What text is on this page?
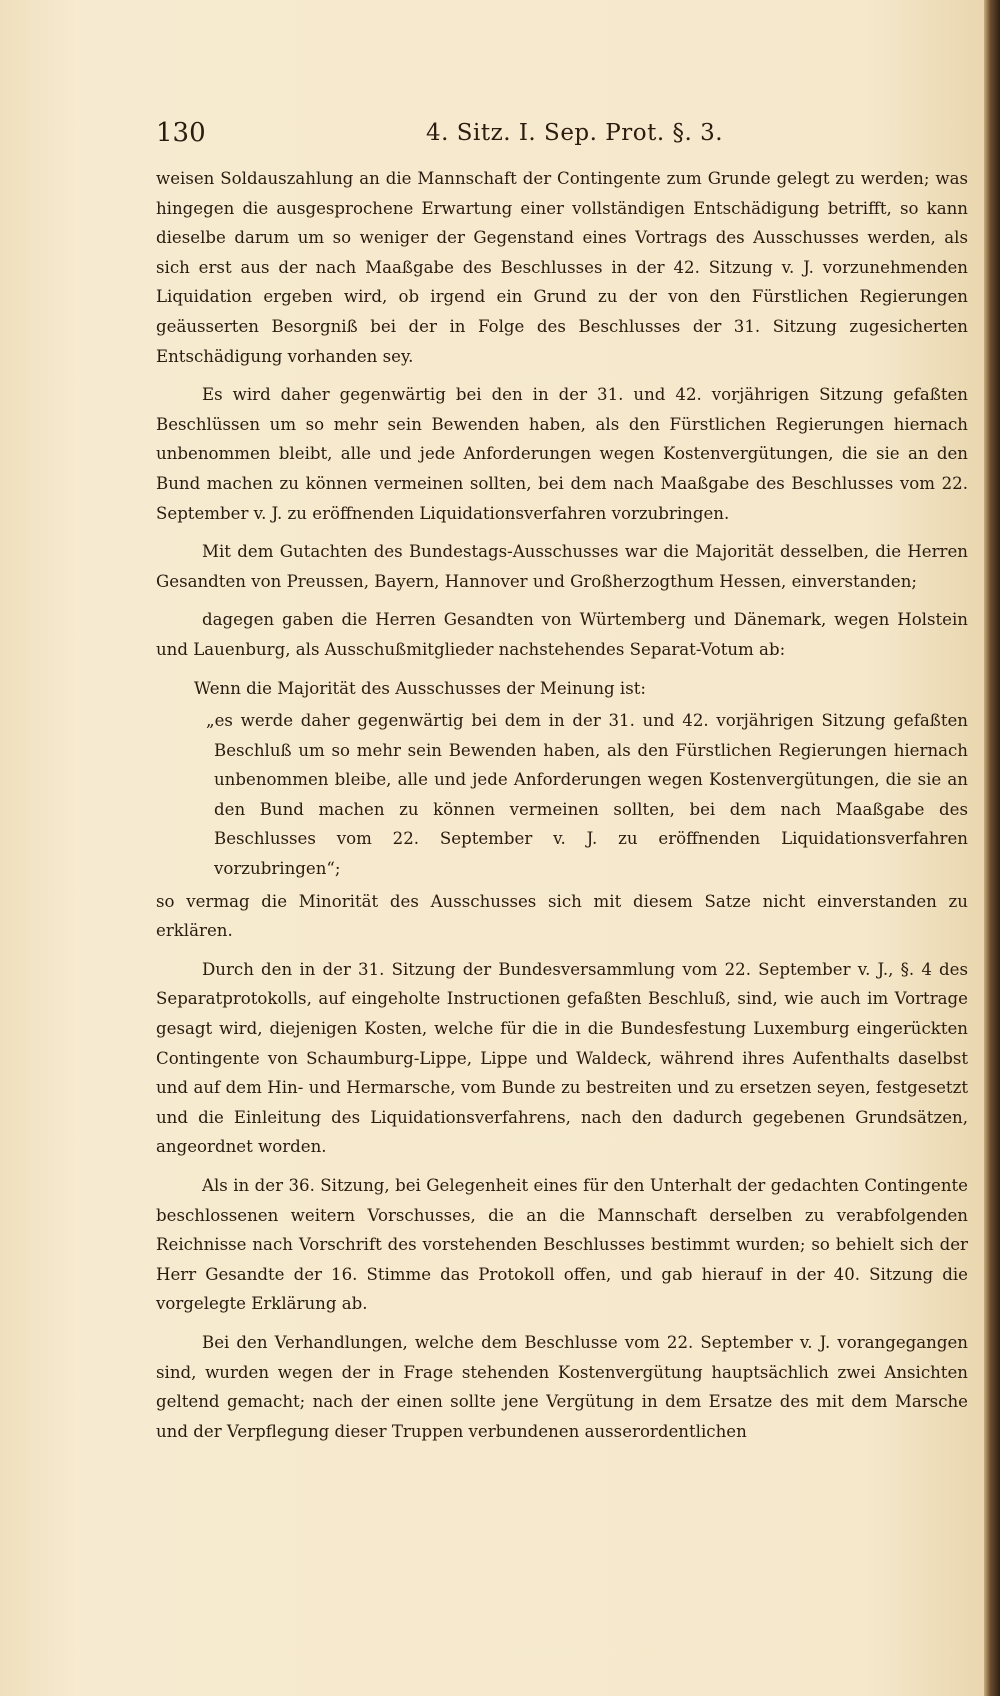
130	4. Sitz. I. Sep. Prot. §. 3.

weisen Soldauszahlung an die Mannschaft der Contingente zum Grunde gelegt zu werden; was hingegen die ausgesprochene Erwartung einer vollständigen Entschädigung betrifft, so kann dieselbe darum um so weniger der Gegenstand eines Vortrags des Ausschusses werden, als sich erst aus der nach Maaßgabe des Beschlusses in der 42. Sitzung v. J. vorzunehmenden Liquidation ergeben wird, ob irgend ein Grund zu der von den Fürstlichen Regierungen geäusserten Besorgniß bei der in Folge des Beschlusses der 31. Sitzung zugesicherten Entschädigung vorhanden sey.

Es wird daher gegenwärtig bei den in der 31. und 42. vorjährigen Sitzung gefaßten Beschlüssen um so mehr sein Bewenden haben, als den Fürstlichen Regierungen hiernach unbenommen bleibt, alle und jede Anforderungen wegen Kostenvergütungen, die sie an den Bund machen zu können vermeinen sollten, bei dem nach Maaßgabe des Beschlusses vom 22. September v. J. zu eröffnenden Liquidationsverfahren vorzubringen.

Mit dem Gutachten des Bundestags-Ausschusses war die Majorität desselben, die Herren Gesandten von Preussen, Bayern, Hannover und Großherzogthum Hessen, einverstanden;

dagegen gaben die Herren Gesandten von Würtemberg und Dänemark, wegen Holstein und Lauenburg, als Ausschußmitglieder nachstehendes Separat-Votum ab:

Wenn die Majorität des Ausschusses der Meinung ist:

„es werde daher gegenwärtig bei dem in der 31. und 42. vorjährigen Sitzung gefaßten Beschluß um so mehr sein Bewenden haben, als den Fürstlichen Regierungen hiernach unbenommen bleibe, alle und jede Anforderungen wegen Kostenvergütungen, die sie an den Bund machen zu können vermeinen sollten, bei dem nach Maaßgabe des Beschlusses vom 22. September v. J. zu eröffnenden Liquidationsverfahren vorzubringen“;

so vermag die Minorität des Ausschusses sich mit diesem Satze nicht einverstanden zu erklären.

Durch den in der 31. Sitzung der Bundesversammlung vom 22. September v. J., §. 4 des Separatprotokolls, auf eingeholte Instructionen gefaßten Beschluß, sind, wie auch im Vortrage gesagt wird, diejenigen Kosten, welche für die in die Bundesfestung Luxemburg eingerückten Contingente von Schaumburg-Lippe, Lippe und Waldeck, während ihres Aufenthalts daselbst und auf dem Hin- und Hermarsche, vom Bunde zu bestreiten und zu ersetzen seyen, festgesetzt und die Einleitung des Liquidationsverfahrens, nach den dadurch gegebenen Grundsätzen, angeordnet worden.

Als in der 36. Sitzung, bei Gelegenheit eines für den Unterhalt der gedachten Contingente beschlossenen weitern Vorschusses, die an die Mannschaft derselben zu verabfolgenden Reichnisse nach Vorschrift des vorstehenden Beschlusses bestimmt wurden; so behielt sich der Herr Gesandte der 16. Stimme das Protokoll offen, und gab hierauf in der 40. Sitzung die vorgelegte Erklärung ab.

Bei den Verhandlungen, welche dem Beschlusse vom 22. September v. J. vorangegangen sind, wurden wegen der in Frage stehenden Kostenvergütung hauptsächlich zwei Ansichten geltend gemacht; nach der einen sollte jene Vergütung in dem Ersatze des mit dem Marsche und der Verpflegung dieser Truppen verbundenen ausserordentlichen
